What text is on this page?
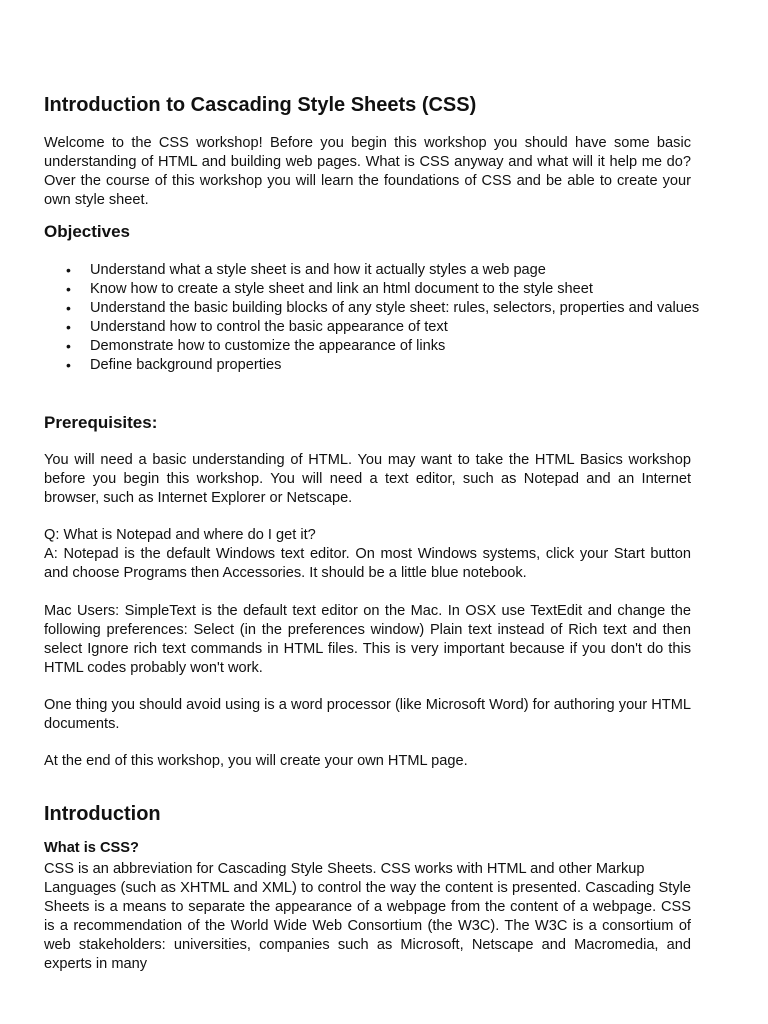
Introduction to Cascading Style Sheets (CSS)

Welcome to the CSS workshop! Before you begin this workshop you should have some basic understanding of HTML and building web pages. What is CSS anyway and what will it help me do? Over the course of this workshop you will learn the foundations of CSS and be able to create your own style sheet.

Objectives
• Understand what a style sheet is and how it actually styles a web page
• Know how to create a style sheet and link an html document to the style sheet
• Understand the basic building blocks of any style sheet: rules, selectors, properties and values
• Understand how to control the basic appearance of text
• Demonstrate how to customize the appearance of links
• Define background properties
Prerequisites:

You will need a basic understanding of HTML. You may want to take the HTML Basics workshop before you begin this workshop. You will need a text editor, such as Notepad and an Internet browser, such as Internet Explorer or Netscape.

Q: What is Notepad and where do I get it?

A: Notepad is the default Windows text editor. On most Windows systems, click your Start button and choose Programs then Accessories. It should be a little blue notebook.

Mac Users: SimpleText is the default text editor on the Mac. In OSX use TextEdit and change the following preferences: Select (in the preferences window) Plain text instead of Rich text and then select Ignore rich text commands in HTML files. This is very important because if you don't do this HTML codes probably won't work.

One thing you should avoid using is a word processor (like Microsoft Word) for authoring your HTML documents.

At the end of this workshop, you will create your own HTML page.

Introduction
What is CSS?

CSS is an abbreviation for Cascading Style Sheets. CSS works with HTML and other Markup

Languages (such as XHTML and XML) to control the way the content is presented. Cascading Style Sheets is a means to separate the appearance of a webpage from the content of a webpage. CSS is a recommendation of the World Wide Web Consortium (the W3C). The W3C is a consortium of web stakeholders: universities, companies such as Microsoft, Netscape and Macromedia, and experts in many
